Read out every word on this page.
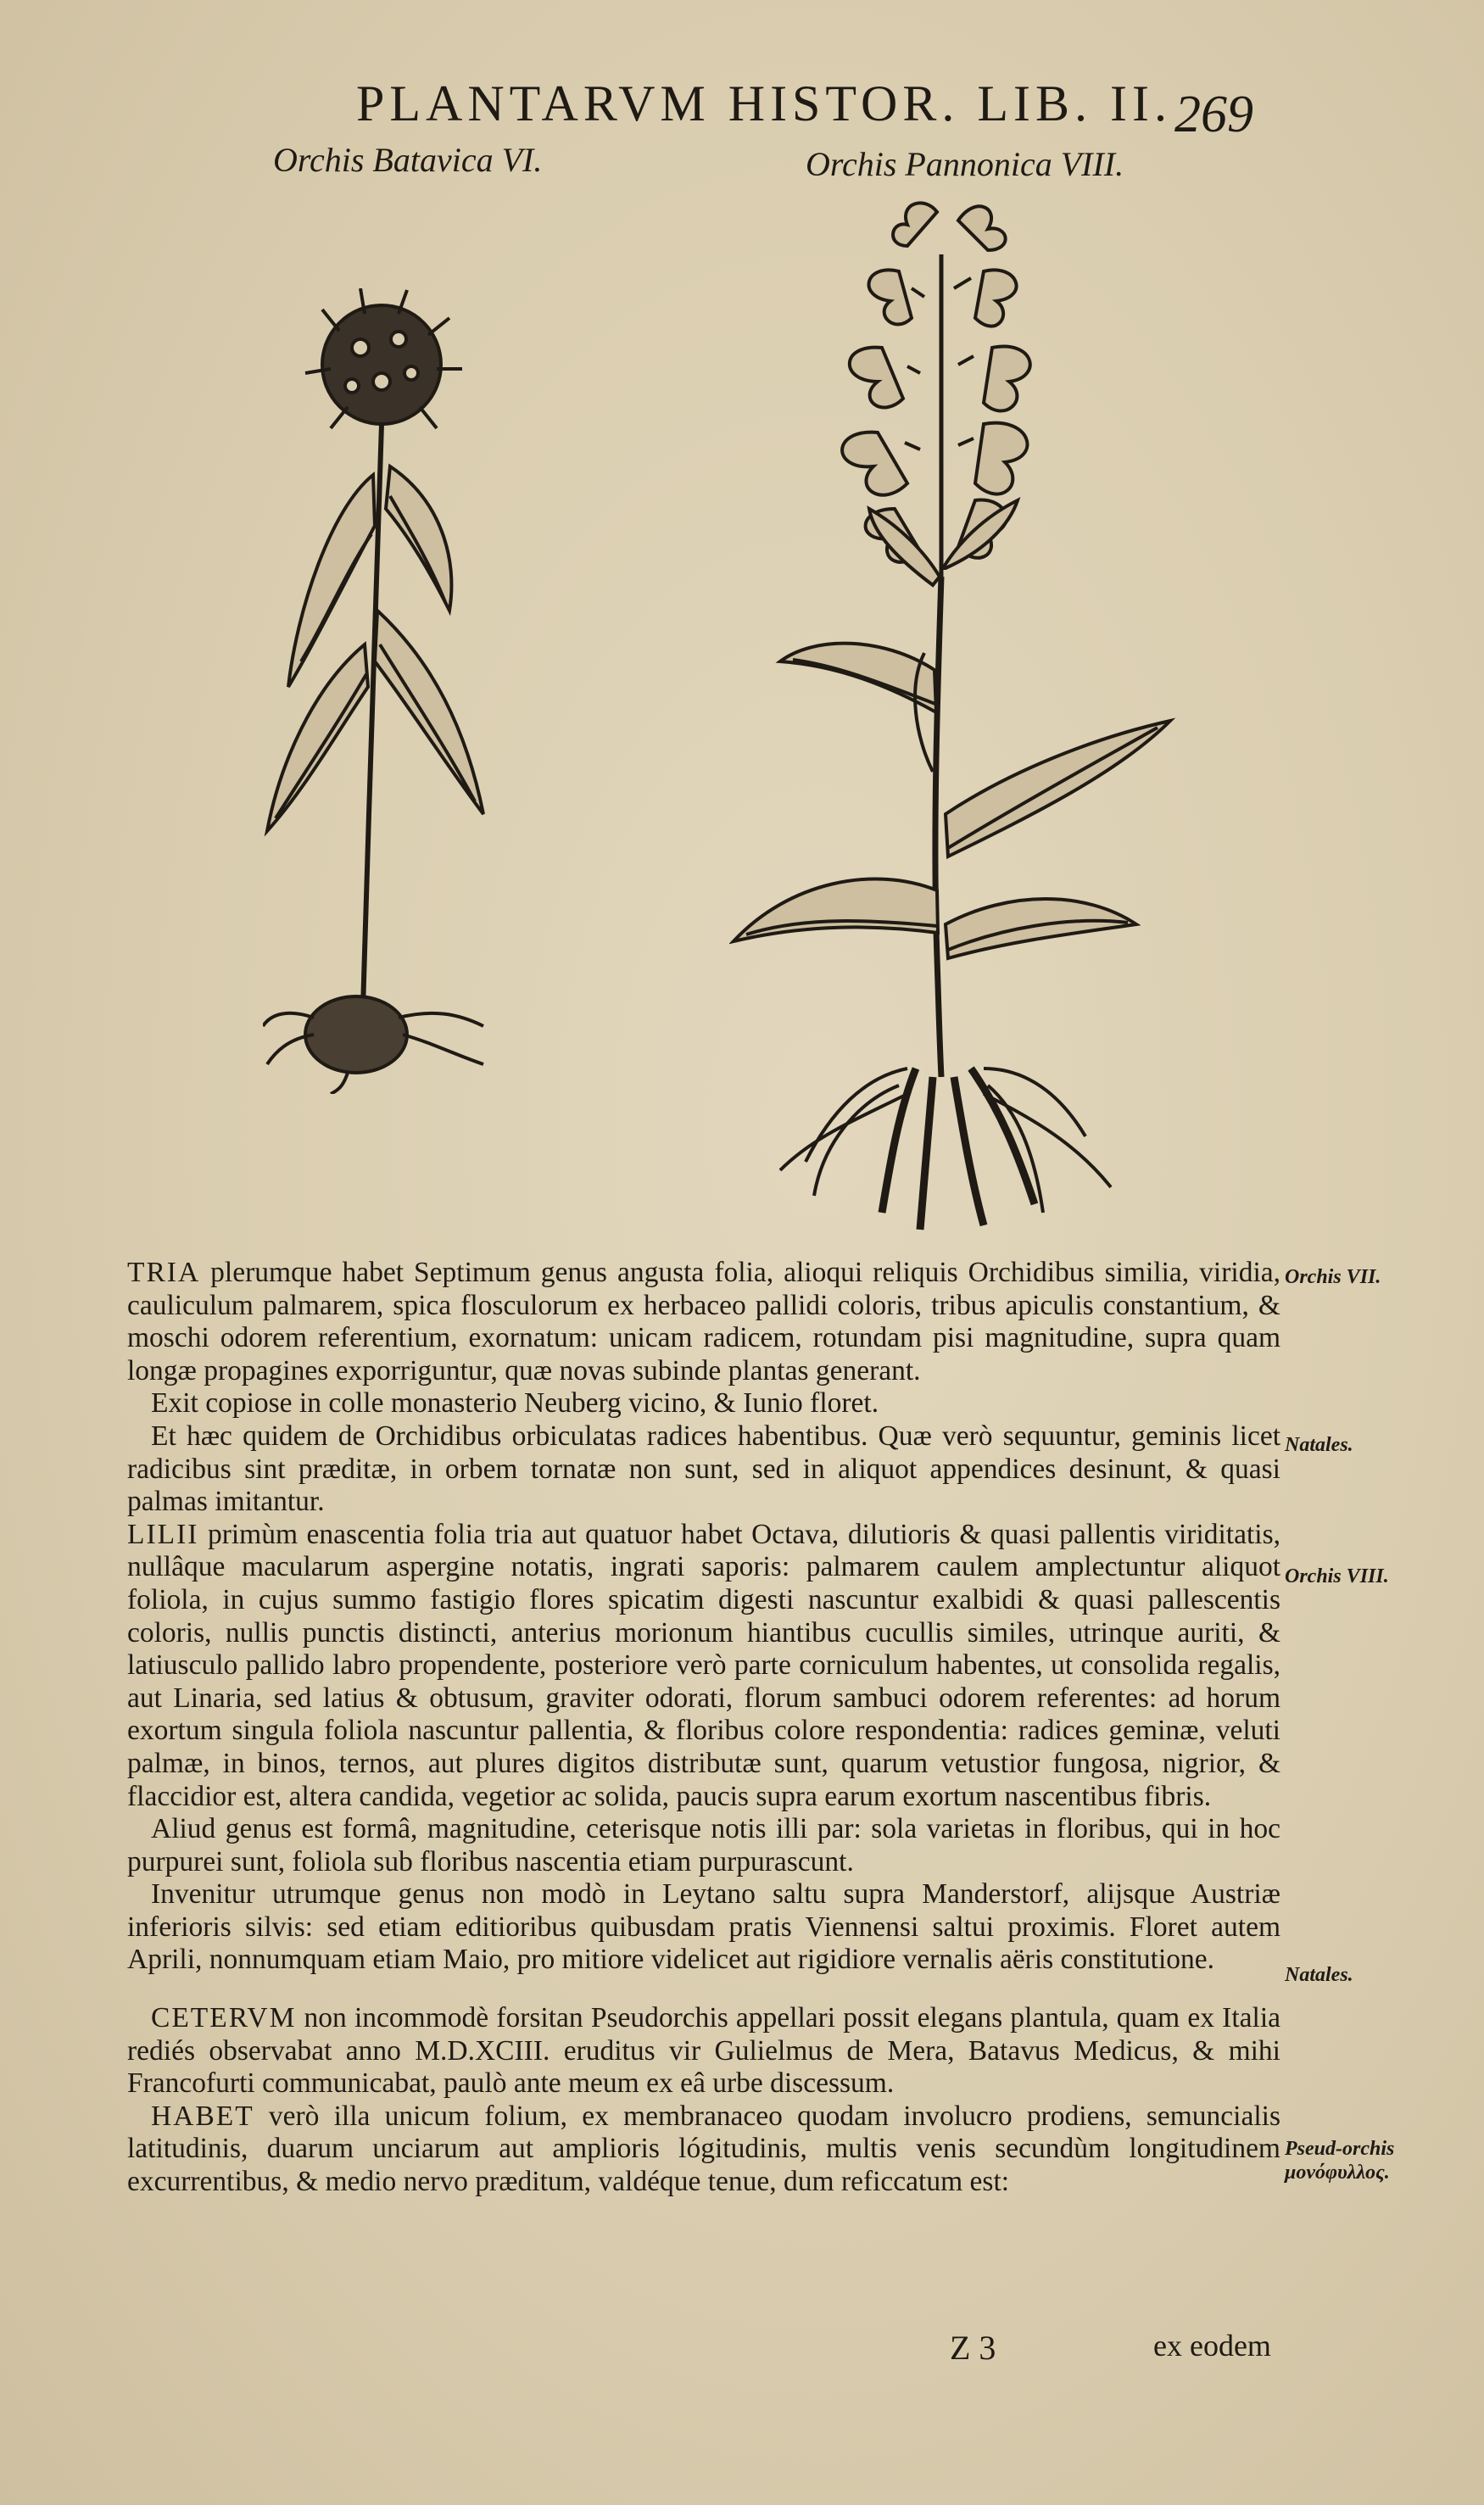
PLANTARVM HISTOR. LIB. II. 269
Orchis Batavica VI.	Orchis Pannonica VIII.

TRIA plerumque habet Septimum genus angusta folia, alioqui reliquis Orchidibus similia, viridia, cauliculum palmarem, spica flosculorum ex herbaceo pallidi coloris, tribus apiculis constantium, & moschi odorem referentium, exornatum: unicam radicem, rotundam pisi magnitudine, supra quam longæ propagines exporriguntur, quæ novas subinde plantas generant.

Exit copiose in colle monasterio Neuberg vicino, & Iunio floret.

Et hæc quidem de Orchidibus orbiculatas radices habentibus. Quæ verò sequuntur, geminis licet radicibus sint præditæ, in orbem tornatæ non sunt, sed in aliquot appendices desinunt, & quasi palmas imitantur.

LILII primùm enascentia folia tria aut quatuor habet Octava, dilutioris & quasi pallentis viriditatis, nullâque macularum aspergine notatis, ingrati saporis: palmarem caulem amplectuntur aliquot foliola, in cujus summo fastigio flores spicatim digesti nascuntur exalbidi & quasi pallescentis coloris, nullis punctis distincti, anterius morionum hiantibus cucullis similes, utrinque auriti, & latiusculo pallido labro propendente, posteriore verò parte corniculum habentes, ut consolida regalis, aut Linaria, sed latius & obtusum, graviter odorati, florum sambuci odorem referentes: ad horum exortum singula foliola nascuntur pallentia, & floribus colore respondentia: radices geminæ, veluti palmæ, in binos, ternos, aut plures digitos distributæ sunt, quarum vetustior fungosa, nigrior, & flaccidior est, altera candida, vegetior ac solida, paucis supra earum exortum nascentibus fibris.

Aliud genus est formâ, magnitudine, ceterisque notis illi par: sola varietas in floribus, qui in hoc purpurei sunt, foliola sub floribus nascentia etiam purpurascunt.

Invenitur utrumque genus non modò in Leytano saltu supra Manderstorf, alijsque Austriæ inferioris silvis: sed etiam editioribus quibusdam pratis Viennensi saltui proximis. Floret autem Aprili, nonnumquam etiam Maio, pro mitiore videlicet aut rigidiore vernalis aëris constitutione.

CETERVM non incommodè forsitan Pseudorchis appellari possit elegans plantula, quam ex Italia rediés observabat anno M.D.XCIII. eruditus vir Gulielmus de Mera, Batavus Medicus, & mihi Francofurti communicabat, paulò ante meum ex eâ urbe discessum.

HABET verò illa unicum folium, ex membranaceo quodam involucro prodiens, semuncialis latitudinis, duarum unciarum aut amplioris lógitudinis, multis venis secundùm longitudinem excurrentibus, & medio nervo præditum, valdéque tenue, dum reficcatum est:

Orchis VII.
Natales.
Orchis VIII.
Natales.
Pseud-orchis μονόφυλλος.
Z 3	ex eodem
